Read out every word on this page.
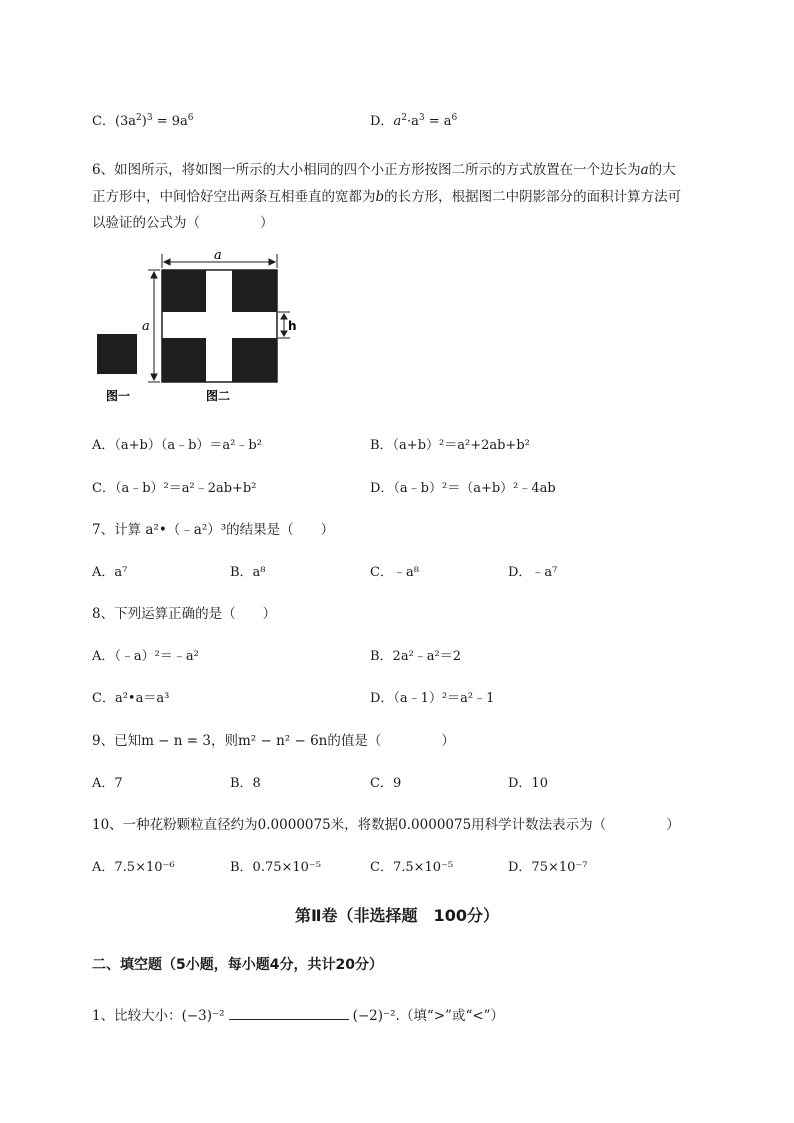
C．$(3a^2)^3 = 9a^6$	D．$a^2\cdot a^3 = a^6$
6、如图所示，将如图一所示的大小相同的四个小正方形按图二所示的方式放置在一个边长为a的大
正方形中，中间恰好空出两条互相垂直的宽都为b的长方形，根据图二中阴影部分的面积计算方法可
以验证的公式为（	）
a
a	h
图一	图二
A．（a+b）（a﹣b）＝a²﹣b²	B．（a+b）²＝a²+2ab+b²
C．（a﹣b）²＝a²﹣2ab+b²	D．（a﹣b）²＝（a+b）²﹣4ab
7、计算 a²•（﹣a²）³的结果是（　　）
A．a⁷	B．a⁸	C．﹣a⁸	D．﹣a⁷
8、下列运算正确的是（　　）
A．（﹣a）²＝﹣a²	B．2a²﹣a²＝2
C．a²•a＝a³	D．（a﹣1）²＝a²﹣1
9、已知m − n = 3，则m² − n² − 6n的值是（	）
A．7	B．8	C．9	D．10
10、一种花粉颗粒直径约为0.0000075米，将数据0.0000075用科学计数法表示为（	）
A．7.5×10⁻⁶	B．0.75×10⁻⁵	C．7.5×10⁻⁵	D．75×10⁻⁷
第Ⅱ卷（非选择题　100分）
二、填空题（5小题，每小题4分，共计20分）
1、比较大小：(−3)⁻²	(−2)⁻².（填“>”或“<”）
